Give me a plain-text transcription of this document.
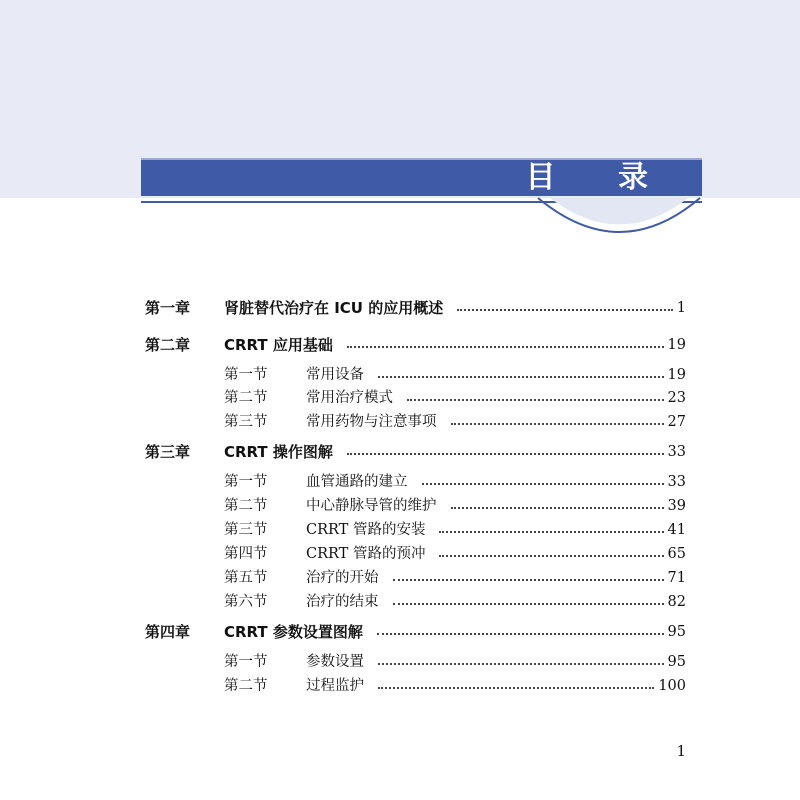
目 录
第一章 肾脏替代治疗在 ICU 的应用概述	1
第二章 CRRT 应用基础	19
第一节	常用设备	19
第二节	常用治疗模式	23
第三节	常用药物与注意事项	27
第三章 CRRT 操作图解	33
第一节	血管通路的建立	33
第二节	中心静脉导管的维护	39
第三节	CRRT 管路的安装	41
第四节	CRRT 管路的预冲	65
第五节	治疗的开始	71
第六节	治疗的结束	82
第四章 CRRT 参数设置图解	95
第一节	参数设置	95
第二节	过程监护	100
1
